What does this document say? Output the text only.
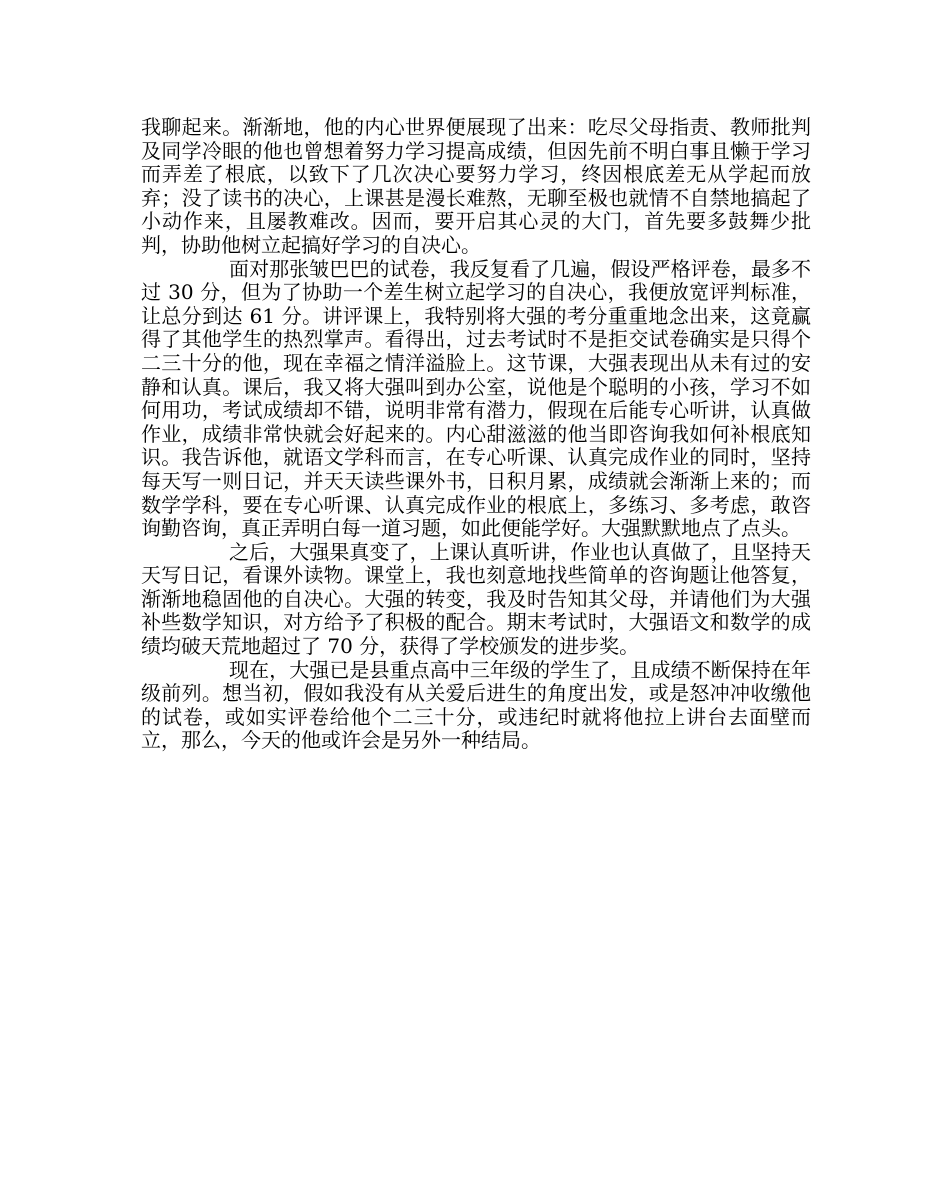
我聊起来。渐渐地，他的内心世界便展现了出来：吃尽父母指责、教师批判及同学冷眼的他也曾想着努力学习提高成绩，但因先前不明白事且懒于学习而弄差了根底，以致下了几次决心要努力学习，终因根底差无从学起而放弃；没了读书的决心，上课甚是漫长难熬，无聊至极也就情不自禁地搞起了小动作来，且屡教难改。因而，要开启其心灵的大门，首先要多鼓舞少批判，协助他树立起搞好学习的自决心。

面对那张皱巴巴的试卷，我反复看了几遍，假设严格评卷，最多不过 30 分，但为了协助一个差生树立起学习的自决心，我便放宽评判标准，让总分到达 61 分。讲评课上，我特别将大强的考分重重地念出来，这竟赢得了其他学生的热烈掌声。看得出，过去考试时不是拒交试卷确实是只得个二三十分的他，现在幸福之情洋溢脸上。这节课，大强表现出从未有过的安静和认真。课后，我又将大强叫到办公室，说他是个聪明的小孩，学习不如何用功，考试成绩却不错，说明非常有潜力，假现在后能专心听讲，认真做作业，成绩非常快就会好起来的。内心甜滋滋的他当即咨询我如何补根底知识。我告诉他，就语文学科而言，在专心听课、认真完成作业的同时，坚持每天写一则日记，并天天读些课外书，日积月累，成绩就会渐渐上来的；而数学学科，要在专心听课、认真完成作业的根底上，多练习、多考虑，敢咨询勤咨询，真正弄明白每一道习题，如此便能学好。大强默默地点了点头。

之后，大强果真变了，上课认真听讲，作业也认真做了，且坚持天天写日记，看课外读物。课堂上，我也刻意地找些简单的咨询题让他答复，渐渐地稳固他的自决心。大强的转变，我及时告知其父母，并请他们为大强补些数学知识，对方给予了积极的配合。期末考试时，大强语文和数学的成绩均破天荒地超过了 70 分，获得了学校颁发的进步奖。

现在，大强已是县重点高中三年级的学生了，且成绩不断保持在年级前列。想当初，假如我没有从关爱后进生的角度出发，或是怒冲冲收缴他的试卷，或如实评卷给他个二三十分，或违纪时就将他拉上讲台去面壁而立，那么，今天的他或许会是另外一种结局。
